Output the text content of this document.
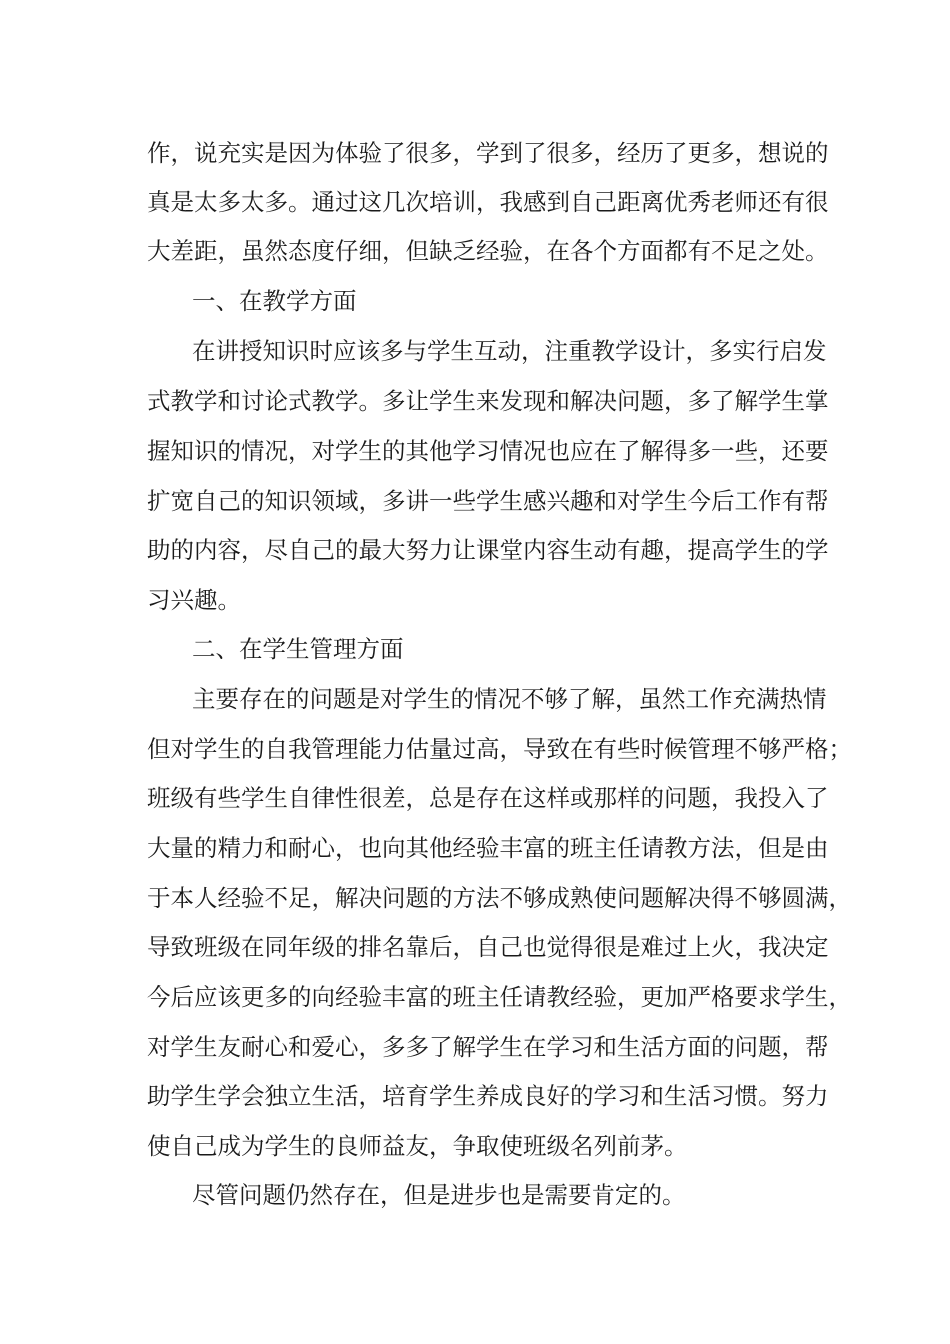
作，说充实是因为体验了很多，学到了很多，经历了更多，想说的
真是太多太多。通过这几次培训，我感到自己距离优秀老师还有很
大差距，虽然态度仔细，但缺乏经验，在各个方面都有不足之处。
一、在教学方面
在讲授知识时应该多与学生互动，注重教学设计，多实行启发
式教学和讨论式教学。多让学生来发现和解决问题，多了解学生掌
握知识的情况，对学生的其他学习情况也应在了解得多一些，还要
扩宽自己的知识领域，多讲一些学生感兴趣和对学生今后工作有帮
助的内容，尽自己的最大努力让课堂内容生动有趣，提高学生的学
习兴趣。
二、在学生管理方面
主要存在的问题是对学生的情况不够了解，虽然工作充满热情
但对学生的自我管理能力估量过高，导致在有些时候管理不够严格；
班级有些学生自律性很差，总是存在这样或那样的问题，我投入了
大量的精力和耐心，也向其他经验丰富的班主任请教方法，但是由
于本人经验不足，解决问题的方法不够成熟使问题解决得不够圆满，
导致班级在同年级的排名靠后，自己也觉得很是难过上火，我决定
今后应该更多的向经验丰富的班主任请教经验，更加严格要求学生，
对学生友耐心和爱心，多多了解学生在学习和生活方面的问题，帮
助学生学会独立生活，培育学生养成良好的学习和生活习惯。努力
使自己成为学生的良师益友，争取使班级名列前茅。
尽管问题仍然存在，但是进步也是需要肯定的。
